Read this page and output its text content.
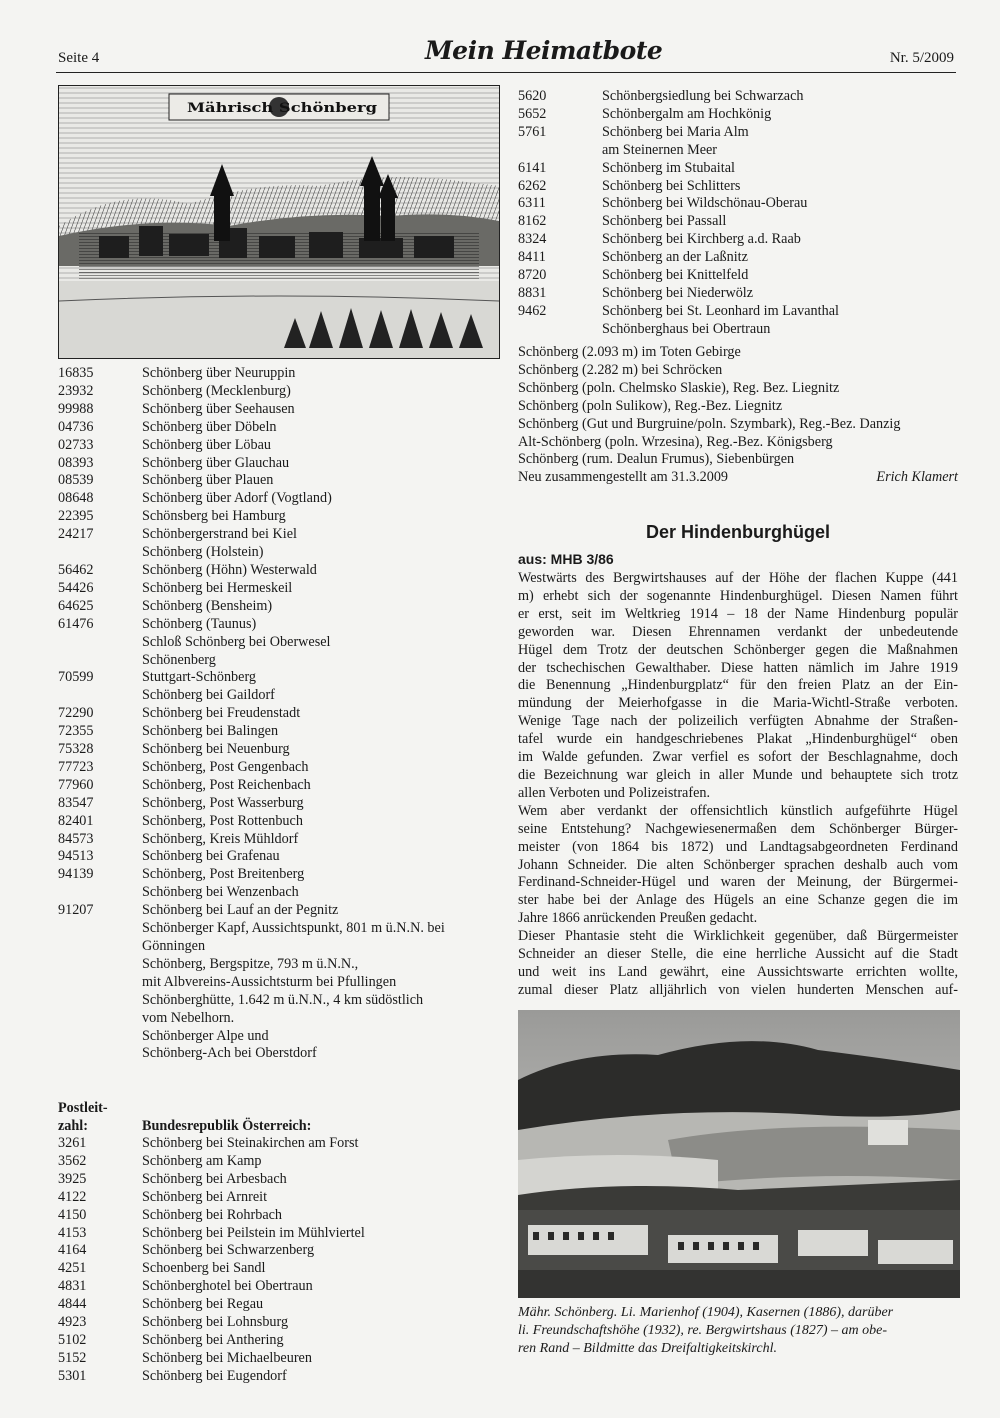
Seite 4	Mein Heimatbote	Nr. 5/2009
Mährisch Schönberg
16835	Schönberg über Neuruppin
23932	Schönberg (Mecklenburg)
99988	Schönberg über Seehausen
04736	Schönberg über Döbeln
02733	Schönberg über Löbau
08393	Schönberg über Glauchau
08539	Schönberg über Plauen
08648	Schönberg über Adorf (Vogtland)
22395	Schönsberg bei Hamburg
24217	Schönbergerstrand bei Kiel
Schönberg (Holstein)
56462	Schönberg (Höhn) Westerwald
54426	Schönberg bei Hermeskeil
64625	Schönberg (Bensheim)
61476	Schönberg (Taunus)
Schloß Schönberg bei Oberwesel
Schönenberg
70599	Stuttgart-Schönberg
Schönberg bei Gaildorf
72290	Schönberg bei Freudenstadt
72355	Schönberg bei Balingen
75328	Schönberg bei Neuenburg
77723	Schönberg, Post Gengenbach
77960	Schönberg, Post Reichenbach
83547	Schönberg, Post Wasserburg
82401	Schönberg, Post Rottenbuch
84573	Schönberg, Kreis Mühldorf
94513	Schönberg bei Grafenau
94139	Schönberg, Post Breitenberg
Schönberg bei Wenzenbach
91207	Schönberg bei Lauf an der Pegnitz
Schönberger Kapf, Aussichtspunkt, 801 m ü.N.N. bei
Gönningen
Schönberg, Bergspitze, 793 m ü.N.N.,
mit Albvereins-Aussichtsturm bei Pfullingen
Schönberghütte, 1.642 m ü.N.N., 4 km südöstlich
vom Nebelhorn.
Schönberger Alpe und
Schönberg-Ach bei Oberstdorf
Postleit-
zahl:	Bundesrepublik Österreich:
3261	Schönberg bei Steinakirchen am Forst
3562	Schönberg am Kamp
3925	Schönberg bei Arbesbach
4122	Schönberg bei Arnreit
4150	Schönberg bei Rohrbach
4153	Schönberg bei Peilstein im Mühlviertel
4164	Schönberg bei Schwarzenberg
4251	Schoenberg bei Sandl
4831	Schönberghotel bei Obertraun
4844	Schönberg bei Regau
4923	Schönberg bei Lohnsburg
5102	Schönberg bei Anthering
5152	Schönberg bei Michaelbeuren
5301	Schönberg bei Eugendorf
5620	Schönbergsiedlung bei Schwarzach
5652	Schönbergalm am Hochkönig
5761	Schönberg bei Maria Alm
am Steinernen Meer
6141	Schönberg im Stubaital
6262	Schönberg bei Schlitters
6311	Schönberg bei Wildschönau-Oberau
8162	Schönberg bei Passall
8324	Schönberg bei Kirchberg a.d. Raab
8411	Schönberg an der Laßnitz
8720	Schönberg bei Knittelfeld
8831	Schönberg bei Niederwölz
9462	Schönberg bei St. Leonhard im Lavanthal
Schönberghaus bei Obertraun
Schönberg (2.093 m) im Toten Gebirge
Schönberg (2.282 m) bei Schröcken
Schönberg (poln. Chelmsko Slaskie), Reg. Bez. Liegnitz
Schönberg (poln Sulikow), Reg.-Bez. Liegnitz
Schönberg (Gut und Burgruine/poln. Szymbark), Reg.-Bez. Danzig
Alt-Schönberg (poln. Wrzesina), Reg.-Bez. Königsberg
Schönberg (rum. Dealun Frumus), Siebenbürgen
Neu zusammengestellt am 31.3.2009	Erich Klamert
Der Hindenburghügel
aus: MHB 3/86
Westwärts des Bergwirtshauses auf der Höhe der flachen Kuppe (441
m) erhebt sich der sogenannte Hindenburghügel. Diesen Namen führt
er erst, seit im Weltkrieg 1914 – 18 der Name Hindenburg populär
geworden war. Diesen Ehrennamen verdankt der unbedeutende
Hügel dem Trotz der deutschen Schönberger gegen die Maßnahmen
der tschechischen Gewalthaber. Diese hatten nämlich im Jahre 1919
die Benennung „Hindenburgplatz“ für den freien Platz an der Ein-
mündung der Meierhofgasse in die Maria-Wichtl-Straße verboten.
Wenige Tage nach der polizeilich verfügten Abnahme der Straßen-
tafel wurde ein handgeschriebenes Plakat „Hindenburghügel“ oben
im Walde gefunden. Zwar verfiel es sofort der Beschlagnahme, doch
die Bezeichnung war gleich in aller Munde und behauptete sich trotz
allen Verboten und Polizeistrafen.
Wem aber verdankt der offensichtlich künstlich aufgeführte Hügel
seine Entstehung? Nachgewiesenermaßen dem Schönberger Bürger-
meister (von 1864 bis 1872) und Landtagsabgeordneten Ferdinand
Johann Schneider. Die alten Schönberger sprachen deshalb auch vom
Ferdinand-Schneider-Hügel und waren der Meinung, der Bürgermei-
ster habe bei der Anlage des Hügels an eine Schanze gegen die im
Jahre 1866 anrückenden Preußen gedacht.
Dieser Phantasie steht die Wirklichkeit gegenüber, daß Bürgermeister
Schneider an dieser Stelle, die eine herrliche Aussicht auf die Stadt
und weit ins Land gewährt, eine Aussichtswarte errichten wollte,
zumal dieser Platz alljährlich von vielen hunderten Menschen auf-
Mähr. Schönberg. Li. Marienhof (1904), Kasernen (1886), darüber
li. Freundschaftshöhe (1932), re. Bergwirtshaus (1827) – am obe-
ren Rand – Bildmitte das Dreifaltigkeitskirchl.
